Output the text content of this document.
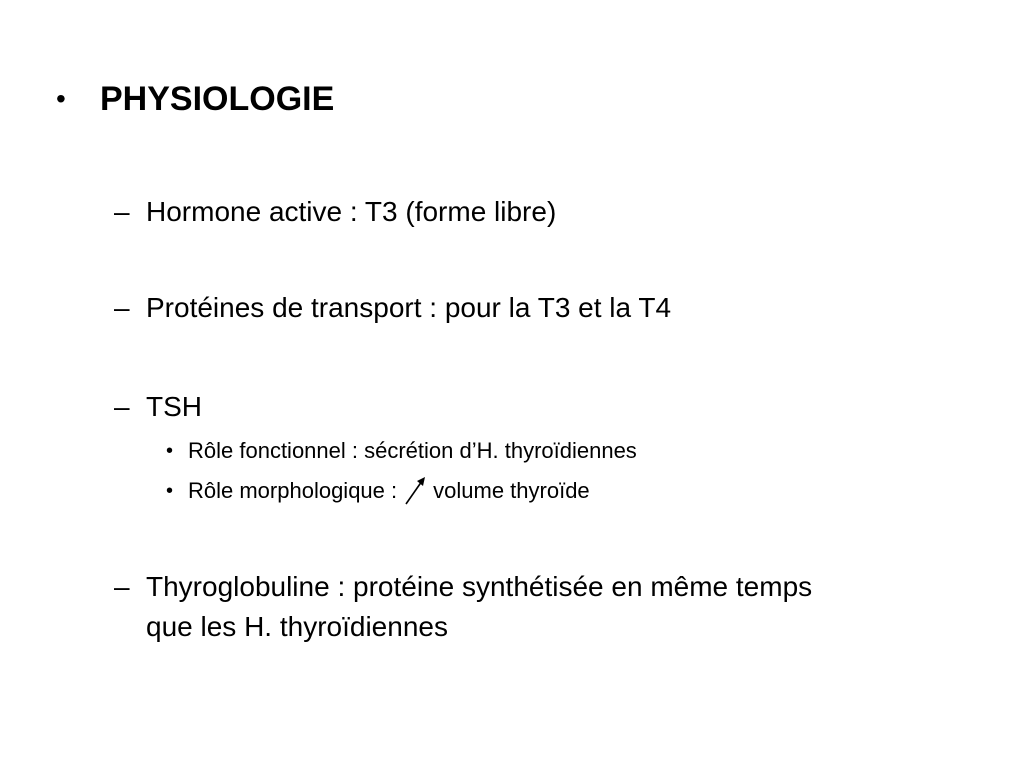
•	PHYSIOLOGIE
– Hormone active : T3 (forme libre)
– Protéines de transport : pour la T3 et la T4
– TSH
• Rôle fonctionnel : sécrétion d’H. thyroïdiennes
• Rôle morphologique : volume thyroïde
– Thyroglobuline : protéine synthétisée en même temps
que les H. thyroïdiennes
